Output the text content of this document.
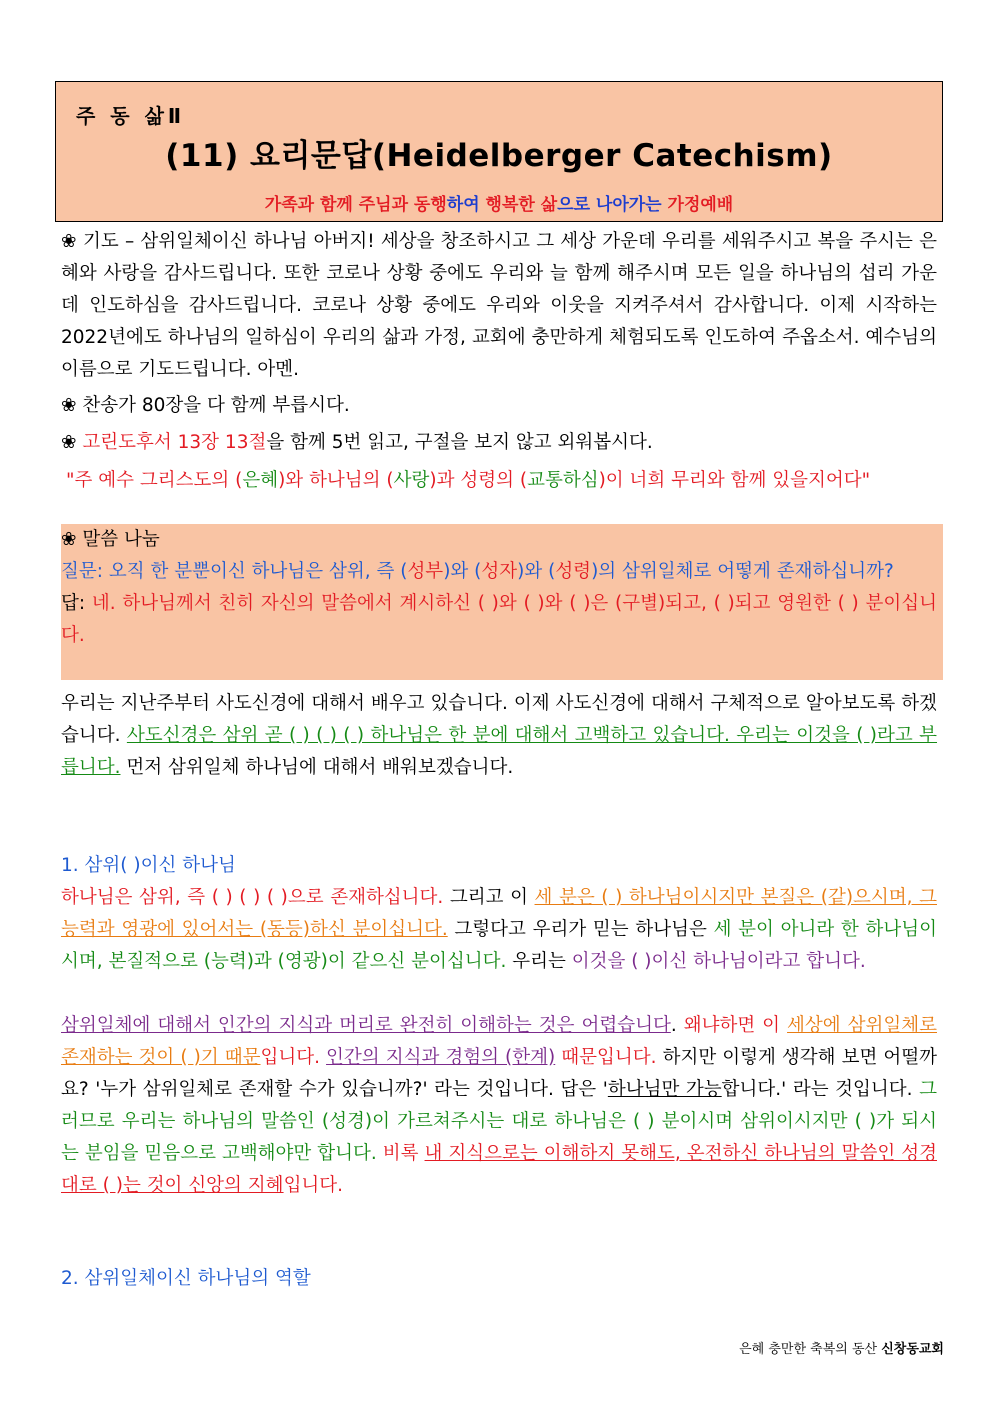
주 동 삶Ⅱ
(11) 요리문답(Heidelberger Catechism)
가족과 함께 주님과 동행하여 행복한 삶으로 나아가는 가정예배

❀ 기도 – 삼위일체이신 하나님 아버지! 세상을 창조하시고 그 세상 가운데 우리를 세워주시고 복을 주시는 은혜와 사랑을 감사드립니다. 또한 코로나 상황 중에도 우리와 늘 함께 해주시며 모든 일을 하나님의 섭리 가운데 인도하심을 감사드립니다. 코로나 상황 중에도 우리와 이웃을 지켜주셔서 감사합니다. 이제 시작하는 2022년에도 하나님의 일하심이 우리의 삶과 가정, 교회에 충만하게 체험되도록 인도하여 주옵소서. 예수님의 이름으로 기도드립니다. 아멘.

❀ 찬송가 80장을 다 함께 부릅시다.

❀ 고린도후서 13장 13절을 함께 5번 읽고, 구절을 보지 않고 외워봅시다.

"주 예수 그리스도의 (은혜)와 하나님의 (사랑)과 성령의 (교통하심)이 너희 무리와 함께 있을지어다"

❀ 말씀 나눔

질문: 오직 한 분뿐이신 하나님은 삼위, 즉 (성부)와 (성자)와 (성령)의 삼위일체로 어떻게 존재하십니까?

답: 네. 하나님께서 친히 자신의 말씀에서 계시하신 ( )와 ( )와 ( )은 (구별)되고, ( )되고 영원한 ( ) 분이십니다.

우리는 지난주부터 사도신경에 대해서 배우고 있습니다. 이제 사도신경에 대해서 구체적으로 알아보도록 하겠습니다. 사도신경은 삼위 곧 ( ) ( ) ( ) 하나님은 한 분에 대해서 고백하고 있습니다. 우리는 이것을 ( )라고 부릅니다. 먼저 삼위일체 하나님에 대해서 배워보겠습니다.

1. 삼위( )이신 하나님

하나님은 삼위, 즉 ( ) ( ) ( )으로 존재하십니다. 그리고 이 세 분은 ( ) 하나님이시지만 본질은 (같)으시며, 그 능력과 영광에 있어서는 (동등)하신 분이십니다. 그렇다고 우리가 믿는 하나님은 세 분이 아니라 한 하나님이시며, 본질적으로 (능력)과 (영광)이 같으신 분이십니다. 우리는 이것을 ( )이신 하나님이라고 합니다.

삼위일체에 대해서 인간의 지식과 머리로 완전히 이해하는 것은 어렵습니다. 왜냐하면 이 세상에 삼위일체로 존재하는 것이 ( )기 때문입니다. 인간의 지식과 경험의 (한계) 때문입니다. 하지만 이렇게 생각해 보면 어떨까요? '누가 삼위일체로 존재할 수가 있습니까?' 라는 것입니다. 답은 '하나님만 가능합니다.' 라는 것입니다. 그러므로 우리는 하나님의 말씀인 (성경)이 가르쳐주시는 대로 하나님은 ( ) 분이시며 삼위이시지만 ( )가 되시는 분임을 믿음으로 고백해야만 합니다. 비록 내 지식으로는 이해하지 못해도, 온전하신 하나님의 말씀인 성경대로 ( )는 것이 신앙의 지혜입니다.

2. 삼위일체이신 하나님의 역할
은혜 충만한 축복의 동산 신창동교회
